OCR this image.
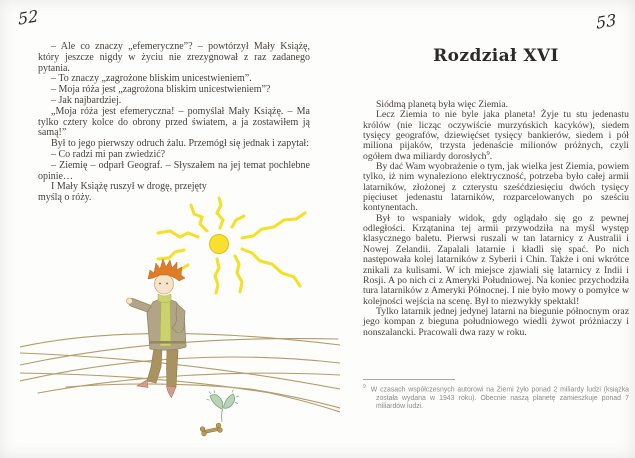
52

– Ale co znaczy „efemeryczne”? – powtórzył Mały Książę, który jeszcze nigdy w życiu nie zrezygnował z raz zadanego pytania.

– To znaczy „zagrożone bliskim unicestwieniem”.

– Moja róża jest „zagrożona bliskim unicestwieniem”?

– Jak najbardziej.

„Moja róża jest efemeryczna! – pomyślał Mały Książę. – Ma tylko cztery kolce do obrony przed światem, a ja zostawiłem ją samą!”

Był to jego pierwszy odruch żalu. Przemógł się jednak i zapytał:

– Co radzi mi pan zwiedzić?

– Ziemię – odparł Geograf. – Słyszałem na jej temat pochlebne opinie…

I Mały Książę ruszył w drogę, przejęty myślą o róży.

53
Rozdział XVI

Siódmą planetą była więc Ziemia.

Lecz Ziemia to nie byle jaka planeta! Żyje tu stu jedenastu królów (nie licząc oczywiście murzyńskich kacyków), siedem tysięcy geografów, dziewięćset tysięcy bankierów, siedem i pół miliona pijaków, trzysta jedenaście milionów próżnych, czyli ogółem dwa miliardy dorosłych$^9$.

By dać Wam wyobrażenie o tym, jak wielka jest Ziemia, powiem tylko, iż nim wynaleziono elektryczność, potrzeba było całej armii latarników, złożonej z czterystu sześćdziesięciu dwóch tysięcy pięciuset jedenastu latarników, rozparcelowanych po sześciu kontynentach.

Był to wspaniały widok, gdy oglądało się go z pewnej odległości. Krzątanina tej armii przywodziła na myśl występ klasycznego baletu. Pierwsi ruszali w tan latarnicy z Australii i Nowej Zelandii. Zapalali latarnie i kładli się spać. Po nich następowała kolej latarników z Syberii i Chin. Także i oni wkrótce znikali za kulisami. W ich miejsce zjawiali się latarnicy z Indii i Rosji. A po nich ci z Ameryki Południowej. Na koniec przychodziła tura latarników z Ameryki Północnej. I nie było mowy o pomyłce w kolejności wejścia na scenę. Był to niezwykły spektakl!

Tylko latarnik jednej jedynej latarni na biegunie północnym oraz jego kompan z bieguna południowego wiedli żywot próżniaczy i nonszalancki. Pracowali dwa razy w roku.

$^9$ W czasach współczesnych autorowi na Ziemi żyło ponad 2 miliardy ludzi (książka została wydana w 1943 roku). Obecnie naszą planetę zamieszkuje ponad 7 miliardów ludzi.
